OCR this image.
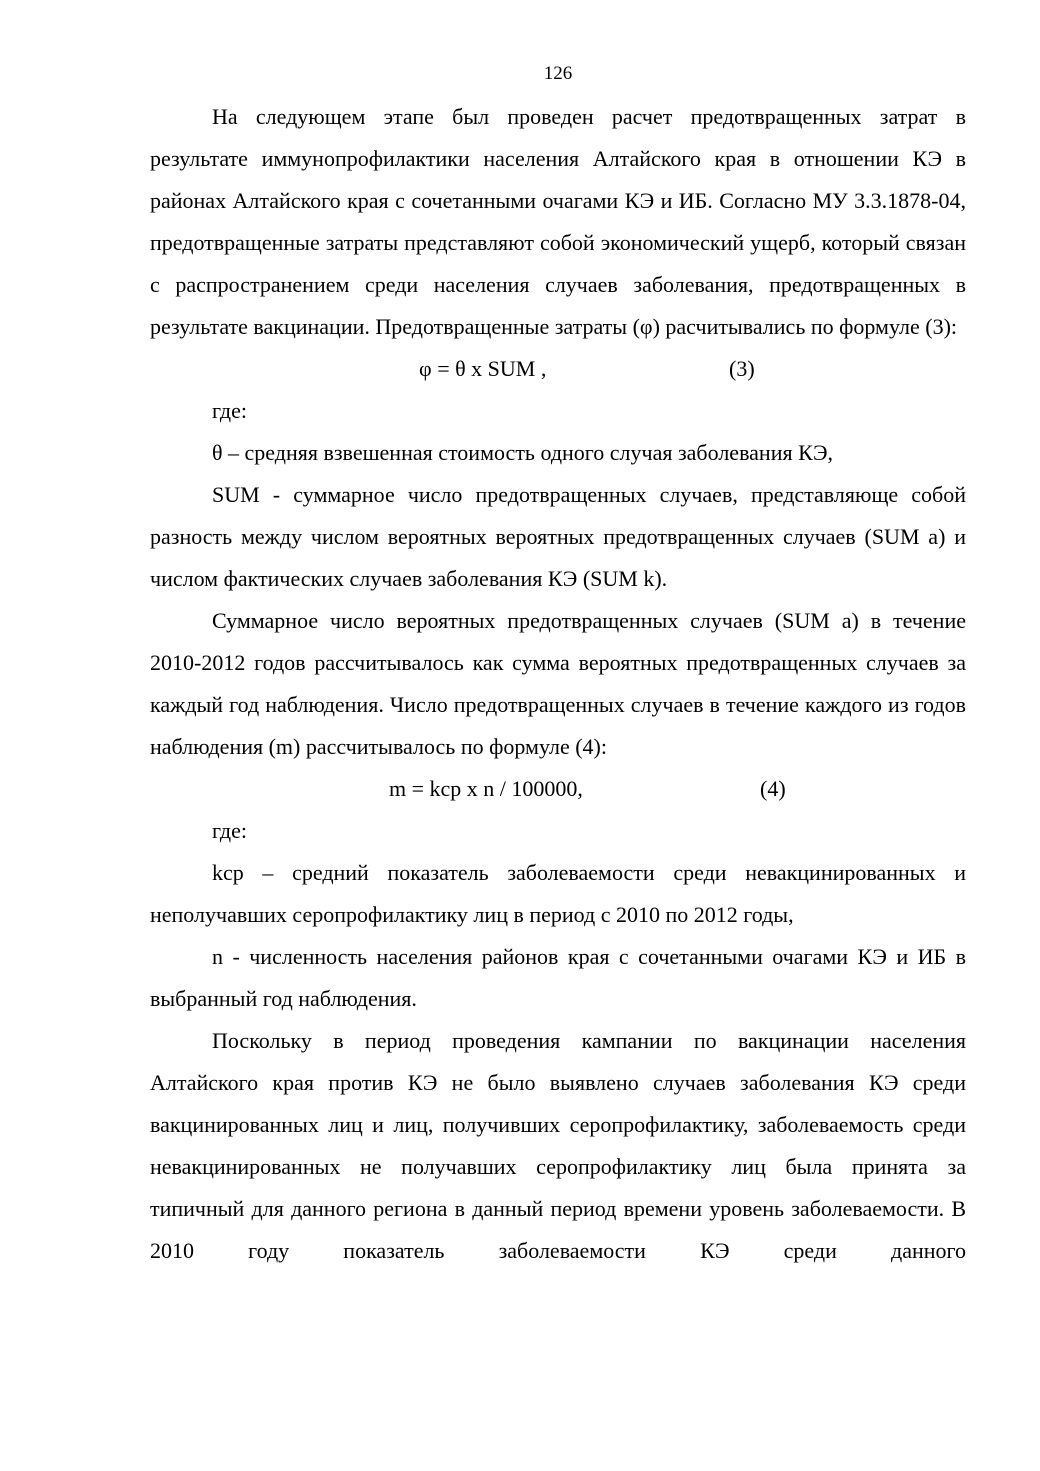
126

На следующем этапе был проведен расчет предотвращенных затрат в результате иммунопрофилактики населения Алтайского края в отношении КЭ в районах Алтайского края с сочетанными очагами КЭ и ИБ. Согласно МУ 3.3.1878-04, предотвращенные затраты представляют собой экономический ущерб, который связан с распространением среди населения случаев заболевания, предотвращенных в результате вакцинации. Предотвращенные затраты (φ) расчитывались по формуле (3):

φ = θ x SUM ,	(3)

где:

θ – средняя взвешенная стоимость одного случая заболевания КЭ,

SUM - суммарное число предотвращенных случаев, представляюще собой разность между числом вероятных вероятных предотвращенных случаев (SUM a) и числом фактических случаев заболевания КЭ (SUM k).

Суммарное число вероятных предотвращенных случаев (SUM a) в течение 2010-2012 годов рассчитывалось как сумма вероятных предотвращенных случаев за каждый год наблюдения. Число предотвращенных случаев в течение каждого из годов наблюдения (m) рассчитывалось по формуле (4):

m = kср x n / 100000,	(4)

где:

kср – средний показатель заболеваемости среди невакцинированных и неполучавших серопрофилактику лиц в период с 2010 по 2012 годы,

n - численность населения районов края с сочетанными очагами КЭ и ИБ в выбранный год наблюдения.

Поскольку в период проведения кампании по вакцинации населения Алтайского края против КЭ не было выявлено случаев заболевания КЭ среди вакцинированных лиц и лиц, получивших серопрофилактику, заболеваемость среди невакцинированных не получавших серопрофилактику лиц была принята за типичный для данного региона в данный период времени уровень заболеваемости. В 2010 году показатель заболеваемости КЭ среди данного
